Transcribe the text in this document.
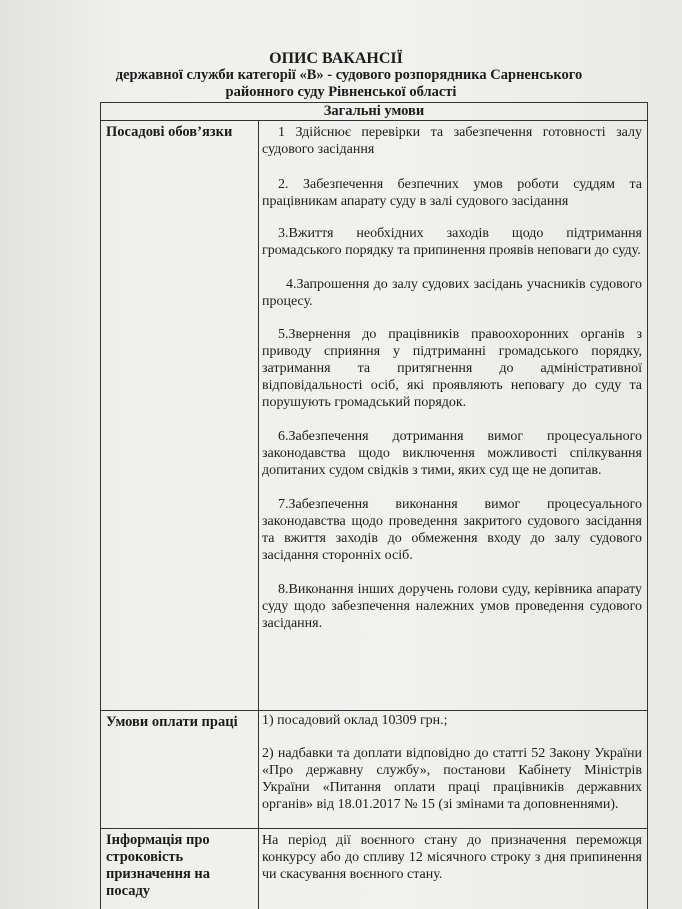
ОПИС ВАКАНСІЇ
державної служби категорії «В» - судового розпорядника Сарненського
районного суду Рівненської області
Загальні умови
Посадові обов’язки	1 Здійснює перевірки та забезпечення готовності залу судового засідання

2. Забезпечення безпечних умов роботи суддям та працівникам апарату суду в залі судового засідання

3.Вжиття необхідних заходів щодо підтримання громадського порядку та припинення проявів неповаги до суду.

4.Запрошення до залу судових засідань учасників судового процесу.

5.Звернення до працівників правоохоронних органів з приводу сприяння у підтриманні громадського порядку, затримання та притягнення до адміністративної відповідальності осіб, які проявляють неповагу до суду та порушують громадський порядок.

6.Забезпечення дотримання вимог процесуального законодавства щодо виключення можливості спілкування допитаних судом свідків з тими, яких суд ще не допитав.

7.Забезпечення виконання вимог процесуального законодавства щодо проведення закритого судового засідання та вжиття заходів до обмеження входу до залу судового засідання сторонніх осіб.

8.Виконання інших доручень голови суду, керівника апарату суду щодо забезпечення належних умов проведення судового засідання.

Умови оплати праці	1) посадовий оклад 10309 грн.;

2) надбавки та доплати відповідно до статті 52 Закону України «Про державну службу», постанови Кабінету Міністрів України «Питання оплати праці працівників державних органів» від 18.01.2017 № 15 (зі змінами та доповненнями).

Інформація про строковість призначення на посаду
На період дії воєнного стану до призначення переможця конкурсу або до спливу 12 місячного строку з дня припинення чи скасування воєнного стану.
